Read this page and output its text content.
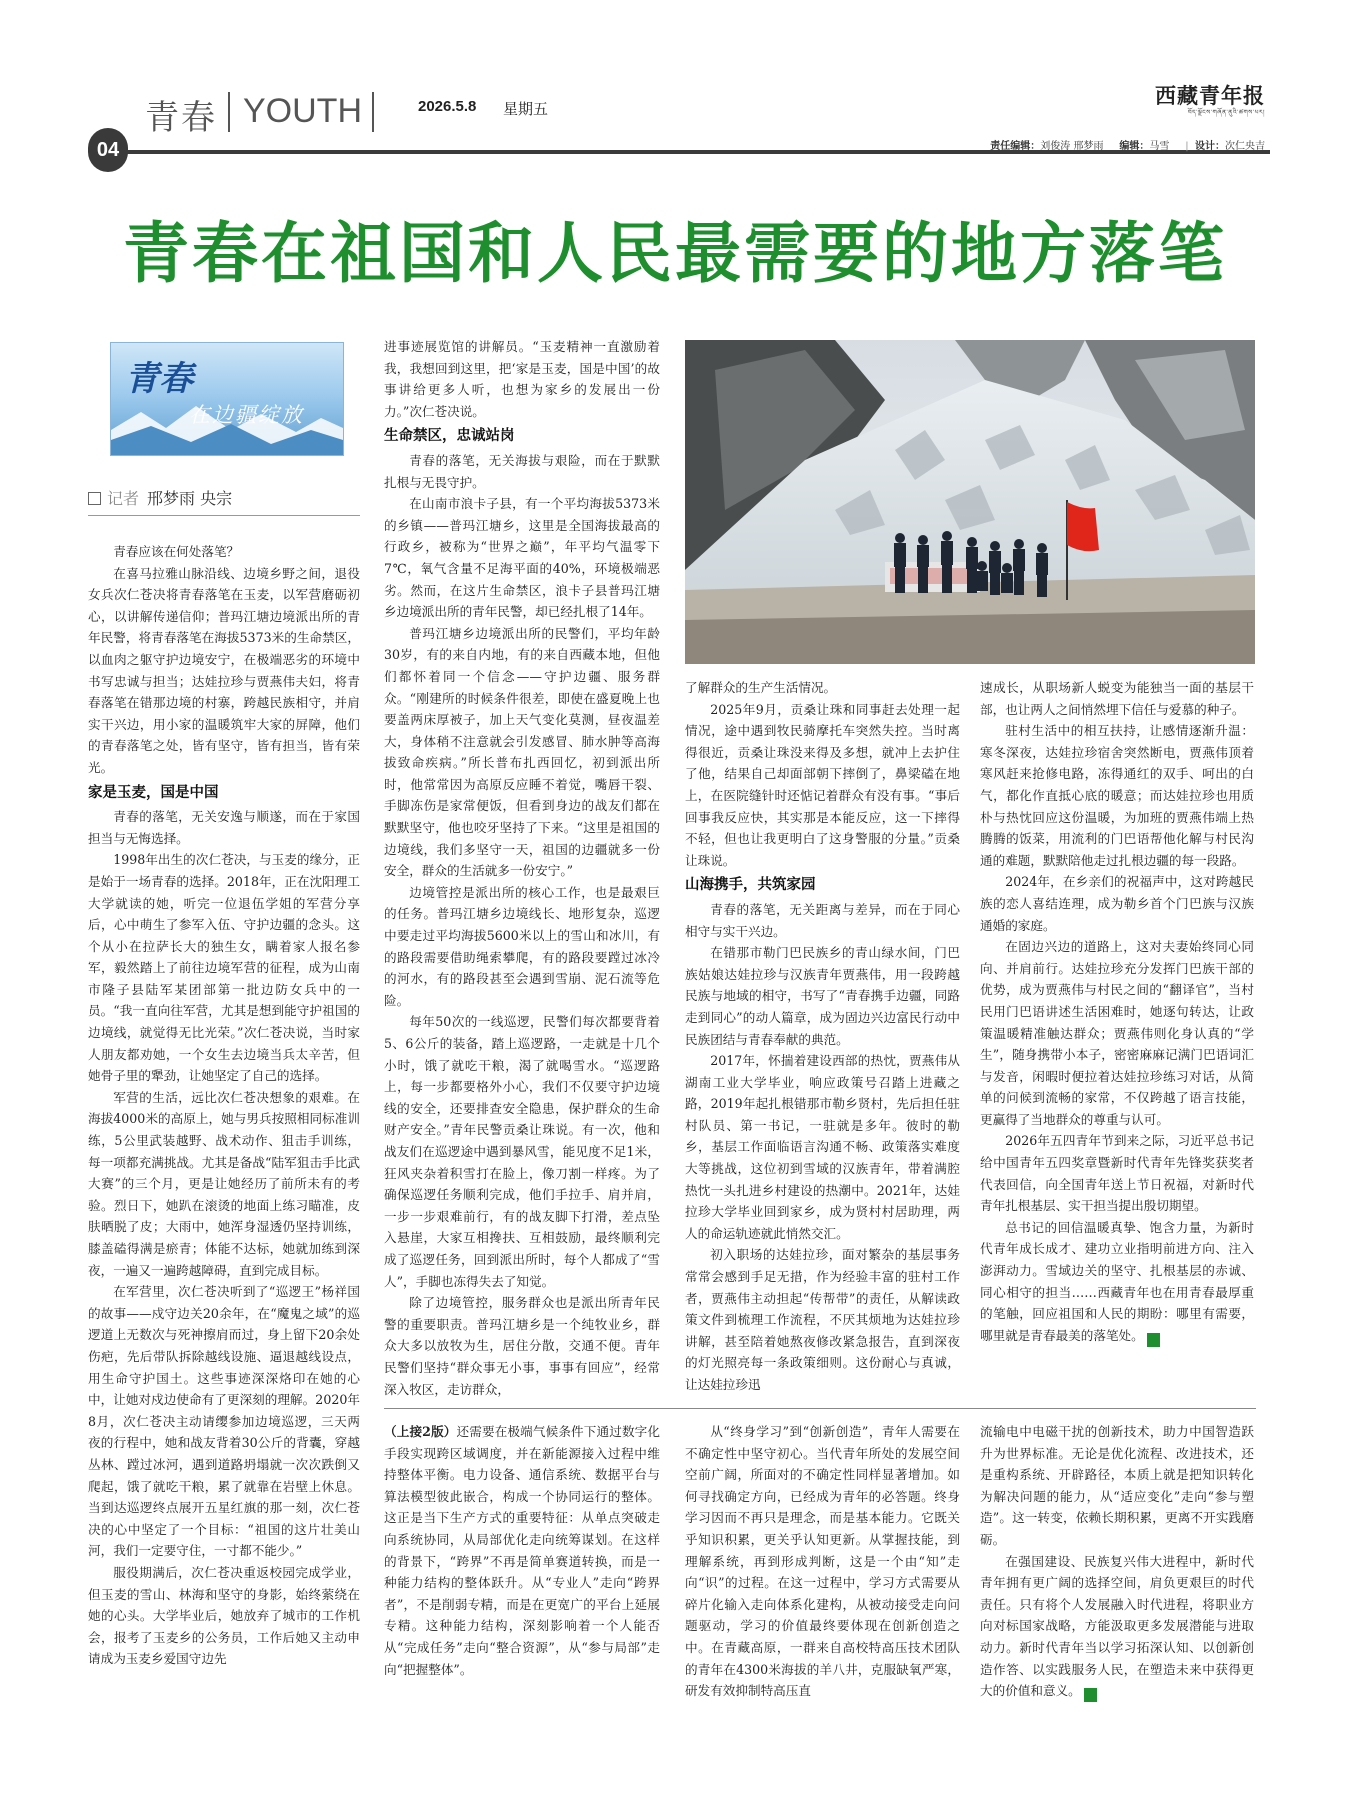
青春 YOUTH	2026.5.8 星期五
西藏青年报
བོད་ལྗོངས་གཞོན་ནུའི་ཚགས་པར།
04	责任编辑：刘俊涛 邢梦雨 编辑：马雪 | 设计：次仁央吉
青春在祖国和人民最需要的地方落笔
青春
在边疆绽放
记者 邢梦雨 央宗

青春应该在何处落笔？

在喜马拉雅山脉沿线、边境乡野之间，退役女兵次仁苍决将青春落笔在玉麦，以军营磨砺初心，以讲解传递信仰；普玛江塘边境派出所的青年民警，将青春落笔在海拔5373米的生命禁区，以血肉之躯守护边境安宁，在极端恶劣的环境中书写忠诚与担当；达娃拉珍与贾燕伟夫妇，将青春落笔在错那边境的村寨，跨越民族相守，并肩实干兴边，用小家的温暖筑牢大家的屏障，他们的青春落笔之处，皆有坚守，皆有担当，皆有荣光。

家是玉麦，国是中国

青春的落笔，无关安逸与顺遂，而在于家国担当与无悔选择。

1998年出生的次仁苍决，与玉麦的缘分，正是始于一场青春的选择。2018年，正在沈阳理工大学就读的她，听完一位退伍学姐的军营分享后，心中萌生了参军入伍、守护边疆的念头。这个从小在拉萨长大的独生女，瞒着家人报名参军，毅然踏上了前往边境军营的征程，成为山南市隆子县陆军某团部第一批边防女兵中的一员。“我一直向往军营，尤其是想到能守护祖国的边境线，就觉得无比光荣。”次仁苍决说，当时家人朋友都劝她，一个女生去边境当兵太辛苦，但她骨子里的犟劲，让她坚定了自己的选择。

军营的生活，远比次仁苍决想象的艰难。在海拔4000米的高原上，她与男兵按照相同标准训练，5公里武装越野、战术动作、狙击手训练，每一项都充满挑战。尤其是备战“陆军狙击手比武大赛”的三个月，更是让她经历了前所未有的考验。烈日下，她趴在滚烫的地面上练习瞄准，皮肤晒脱了皮；大雨中，她浑身湿透仍坚持训练，膝盖磕得满是瘀青；体能不达标，她就加练到深夜，一遍又一遍跨越障碍，直到完成目标。

在军营里，次仁苍决听到了“巡逻王”杨祥国的故事——戍守边关20余年，在“魔鬼之域”的巡逻道上无数次与死神擦肩而过，身上留下20余处伤疤，先后带队拆除越线设施、逼退越线设点，用生命守护国土。这些事迹深深烙印在她的心中，让她对戍边使命有了更深刻的理解。2020年8月，次仁苍决主动请缨参加边境巡逻，三天两夜的行程中，她和战友背着30公斤的背囊，穿越丛林、蹚过冰河，遇到道路坍塌就一次次跌倒又爬起，饿了就吃干粮，累了就靠在岩壁上休息。当到达巡逻终点展开五星红旗的那一刻，次仁苍决的心中坚定了一个目标：“祖国的这片壮美山河，我们一定要守住，一寸都不能少。”

服役期满后，次仁苍决重返校园完成学业，但玉麦的雪山、林海和坚守的身影，始终萦绕在她的心头。大学毕业后，她放弃了城市的工作机会，报考了玉麦乡的公务员，工作后她又主动申请成为玉麦乡爱国守边先

进事迹展览馆的讲解员。“玉麦精神一直激励着我，我想回到这里，把‘家是玉麦，国是中国’的故事讲给更多人听，也想为家乡的发展出一份力。”次仁苍决说。

生命禁区，忠诚站岗

青春的落笔，无关海拔与艰险，而在于默默扎根与无畏守护。

在山南市浪卡子县，有一个平均海拔5373米的乡镇——普玛江塘乡，这里是全国海拔最高的行政乡，被称为“世界之巅”，年平均气温零下7℃，氧气含量不足海平面的40%，环境极端恶劣。然而，在这片生命禁区，浪卡子县普玛江塘乡边境派出所的青年民警，却已经扎根了14年。

普玛江塘乡边境派出所的民警们，平均年龄30岁，有的来自内地，有的来自西藏本地，但他们都怀着同一个信念——守护边疆、服务群众。“刚建所的时候条件很差，即使在盛夏晚上也要盖两床厚被子，加上天气变化莫测，昼夜温差大，身体稍不注意就会引发感冒、肺水肿等高海拔致命疾病。”所长普布扎西回忆，初到派出所时，他常常因为高原反应睡不着觉，嘴唇干裂、手脚冻伤是家常便饭，但看到身边的战友们都在默默坚守，他也咬牙坚持了下来。“这里是祖国的边境线，我们多坚守一天，祖国的边疆就多一份安全，群众的生活就多一份安宁。”

边境管控是派出所的核心工作，也是最艰巨的任务。普玛江塘乡边境线长、地形复杂，巡逻中要走过平均海拔5600米以上的雪山和冰川，有的路段需要借助绳索攀爬，有的路段要蹚过冰冷的河水，有的路段甚至会遇到雪崩、泥石流等危险。

每年50次的一线巡逻，民警们每次都要背着5、6公斤的装备，踏上巡逻路，一走就是十几个小时，饿了就吃干粮，渴了就喝雪水。“巡逻路上，每一步都要格外小心，我们不仅要守护边境线的安全，还要排查安全隐患，保护群众的生命财产安全。”青年民警贡桑让珠说。有一次，他和战友们在巡逻途中遇到暴风雪，能见度不足1米，狂风夹杂着积雪打在脸上，像刀割一样疼。为了确保巡逻任务顺利完成，他们手拉手、肩并肩，一步一步艰难前行，有的战友脚下打滑，差点坠入悬崖，大家互相搀扶、互相鼓励，最终顺利完成了巡逻任务，回到派出所时，每个人都成了“雪人”，手脚也冻得失去了知觉。

除了边境管控，服务群众也是派出所青年民警的重要职责。普玛江塘乡是一个纯牧业乡，群众大多以放牧为生，居住分散，交通不便。青年民警们坚持“群众事无小事，事事有回应”，经常深入牧区，走访群众，

了解群众的生产生活情况。

2025年9月，贡桑让珠和同事赶去处理一起情况，途中遇到牧民骑摩托车突然失控。当时离得很近，贡桑让珠没来得及多想，就冲上去护住了他，结果自己却面部朝下摔倒了，鼻梁磕在地上，在医院缝针时还惦记着群众有没有事。“事后回事我反应快，其实那是本能反应，这一下摔得不轻，但也让我更明白了这身警服的分量。”贡桑让珠说。

山海携手，共筑家园

青春的落笔，无关距离与差异，而在于同心相守与实干兴边。

在错那市勒门巴民族乡的青山绿水间，门巴族姑娘达娃拉珍与汉族青年贾燕伟，用一段跨越民族与地域的相守，书写了“青春携手边疆，同路走到同心”的动人篇章，成为固边兴边富民行动中民族团结与青春奉献的典范。

2017年，怀揣着建设西部的热忱，贾燕伟从湖南工业大学毕业，响应政策号召踏上进藏之路，2019年起扎根错那市勒乡贤村，先后担任驻村队员、第一书记，一驻就是多年。彼时的勒乡，基层工作面临语言沟通不畅、政策落实难度大等挑战，这位初到雪域的汉族青年，带着满腔热忱一头扎进乡村建设的热潮中。2021年，达娃拉珍大学毕业回到家乡，成为贤村村居助理，两人的命运轨迹就此悄然交汇。

初入职场的达娃拉珍，面对繁杂的基层事务常常会感到手足无措，作为经验丰富的驻村工作者，贾燕伟主动担起“传帮带”的责任，从解读政策文件到梳理工作流程，不厌其烦地为达娃拉珍讲解，甚至陪着她熬夜修改紧急报告，直到深夜的灯光照亮每一条政策细则。这份耐心与真诚，让达娃拉珍迅

速成长，从职场新人蜕变为能独当一面的基层干部，也让两人之间悄然埋下信任与爱慕的种子。

驻村生活中的相互扶持，让感情逐渐升温：寒冬深夜，达娃拉珍宿舍突然断电，贾燕伟顶着寒风赶来抢修电路，冻得通红的双手、呵出的白气，都化作直抵心底的暖意；而达娃拉珍也用质朴与热忱回应这份温暖，为加班的贾燕伟端上热腾腾的饭菜，用流利的门巴语帮他化解与村民沟通的难题，默默陪他走过扎根边疆的每一段路。

2024年，在乡亲们的祝福声中，这对跨越民族的恋人喜结连理，成为勒乡首个门巴族与汉族通婚的家庭。

在固边兴边的道路上，这对夫妻始终同心同向、并肩前行。达娃拉珍充分发挥门巴族干部的优势，成为贾燕伟与村民之间的“翻译官”，当村民用门巴语讲述生活困难时，她逐句转达，让政策温暖精准触达群众；贾燕伟则化身认真的“学生”，随身携带小本子，密密麻麻记满门巴语词汇与发音，闲暇时便拉着达娃拉珍练习对话，从简单的问候到流畅的家常，不仅跨越了语言技能，更赢得了当地群众的尊重与认可。

2026年五四青年节到来之际，习近平总书记给中国青年五四奖章暨新时代青年先锋奖获奖者代表回信，向全国青年送上节日祝福，对新时代青年扎根基层、实干担当提出殷切期望。

总书记的回信温暖真挚、饱含力量，为新时代青年成长成才、建功立业指明前进方向、注入澎湃动力。雪域边关的坚守、扎根基层的赤诚、同心相守的担当……西藏青年也在用青春最厚重的笔触，回应祖国和人民的期盼：哪里有需要，哪里就是青春最美的落笔处。	青

（上接2版）还需要在极端气候条件下通过数字化手段实现跨区域调度，并在新能源接入过程中维持整体平衡。电力设备、通信系统、数据平台与算法模型彼此嵌合，构成一个协同运行的整体。这正是当下生产方式的重要特征：从单点突破走向系统协同，从局部优化走向统筹谋划。在这样的背景下，“跨界”不再是简单赛道转换，而是一种能力结构的整体跃升。从“专业人”走向“跨界者”，不是削弱专精，而是在更宽广的平台上延展专精。这种能力结构，深刻影响着一个人能否从“完成任务”走向“整合资源”，从“参与局部”走向“把握整体”。

从“终身学习”到“创新创造”，青年人需要在不确定性中坚守初心。当代青年所处的发展空间空前广阔，所面对的不确定性同样显著增加。如何寻找确定方向，已经成为青年的必答题。终身学习因而不再只是理念，而是基本能力。它既关乎知识积累，更关乎认知更新。从掌握技能，到理解系统，再到形成判断，这是一个由“知”走向“识”的过程。在这一过程中，学习方式需要从碎片化输入走向体系化建构，从被动接受走向问题驱动，学习的价值最终要体现在创新创造之中。在青藏高原，一群来自高校特高压技术团队的青年在4300米海拔的羊八井，克服缺氧严寒，研发有效抑制特高压直

流输电中电磁干扰的创新技术，助力中国智造跃升为世界标准。无论是优化流程、改进技术，还是重构系统、开辟路径，本质上就是把知识转化为解决问题的能力，从“适应变化”走向“参与塑造”。这一转变，依赖长期积累，更离不开实践磨砺。

在强国建设、民族复兴伟大进程中，新时代青年拥有更广阔的选择空间，肩负更艰巨的时代责任。只有将个人发展融入时代进程，将职业方向对标国家战略，方能汲取更多发展潜能与进取动力。新时代青年当以学习拓深认知、以创新创造作答、以实践服务人民，在塑造未来中获得更大的价值和意义。	青
